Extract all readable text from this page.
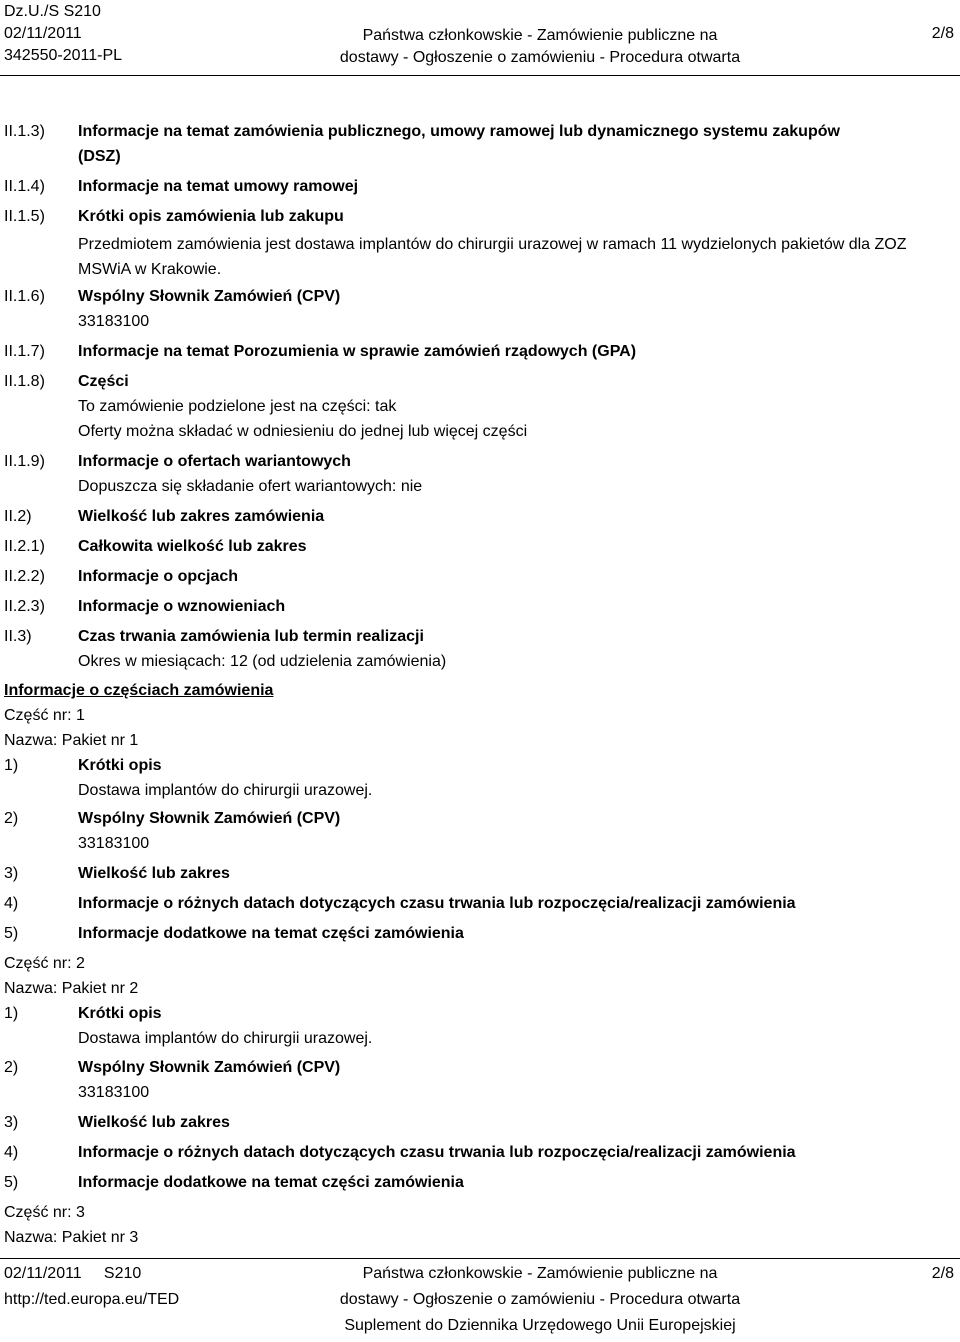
Dz.U./S S210
02/11/2011
342550-2011-PL
Państwa członkowskie - Zamówienie publiczne na
dostawy - Ogłoszenie o zamówieniu - Procedura otwarta
2/8
II.1.3) Informacje na temat zamówienia publicznego, umowy ramowej lub dynamicznego systemu zakupów
(DSZ)
II.1.4) Informacje na temat umowy ramowej
II.1.5) Krótki opis zamówienia lub zakupu
Przedmiotem zamówienia jest dostawa implantów do chirurgii urazowej w ramach 11 wydzielonych pakietów dla ZOZ MSWiA w Krakowie.
II.1.6) Wspólny Słownik Zamówień (CPV)
33183100
II.1.7) Informacje na temat Porozumienia w sprawie zamówień rządowych (GPA)
II.1.8) Części
To zamówienie podzielone jest na części: tak
Oferty można składać w odniesieniu do jednej lub więcej części
II.1.9) Informacje o ofertach wariantowych
Dopuszcza się składanie ofert wariantowych: nie
II.2)	Wielkość lub zakres zamówienia
II.2.1) Całkowita wielkość lub zakres
II.2.2) Informacje o opcjach
II.2.3) Informacje o wznowieniach
II.3)	Czas trwania zamówienia lub termin realizacji
Okres w miesiącach: 12 (od udzielenia zamówienia)
Informacje o częściach zamówienia
Część nr: 1
Nazwa: Pakiet nr 1
1)	Krótki opis
Dostawa implantów do chirurgii urazowej.
2)	Wspólny Słownik Zamówień (CPV)
33183100
3)	Wielkość lub zakres
4)	Informacje o różnych datach dotyczących czasu trwania lub rozpoczęcia/realizacji zamówienia
5)	Informacje dodatkowe na temat części zamówienia
Część nr: 2
Nazwa: Pakiet nr 2
1)	Krótki opis
Dostawa implantów do chirurgii urazowej.
2)	Wspólny Słownik Zamówień (CPV)
33183100
3)	Wielkość lub zakres
4)	Informacje o różnych datach dotyczących czasu trwania lub rozpoczęcia/realizacji zamówienia
5)	Informacje dodatkowe na temat części zamówienia
Część nr: 3
Nazwa: Pakiet nr 3
02/11/2011     S210
http://ted.europa.eu/TED
Państwa członkowskie - Zamówienie publiczne na
dostawy - Ogłoszenie o zamówieniu - Procedura otwarta
Suplement do Dziennika Urzędowego Unii Europejskiej
2/8
